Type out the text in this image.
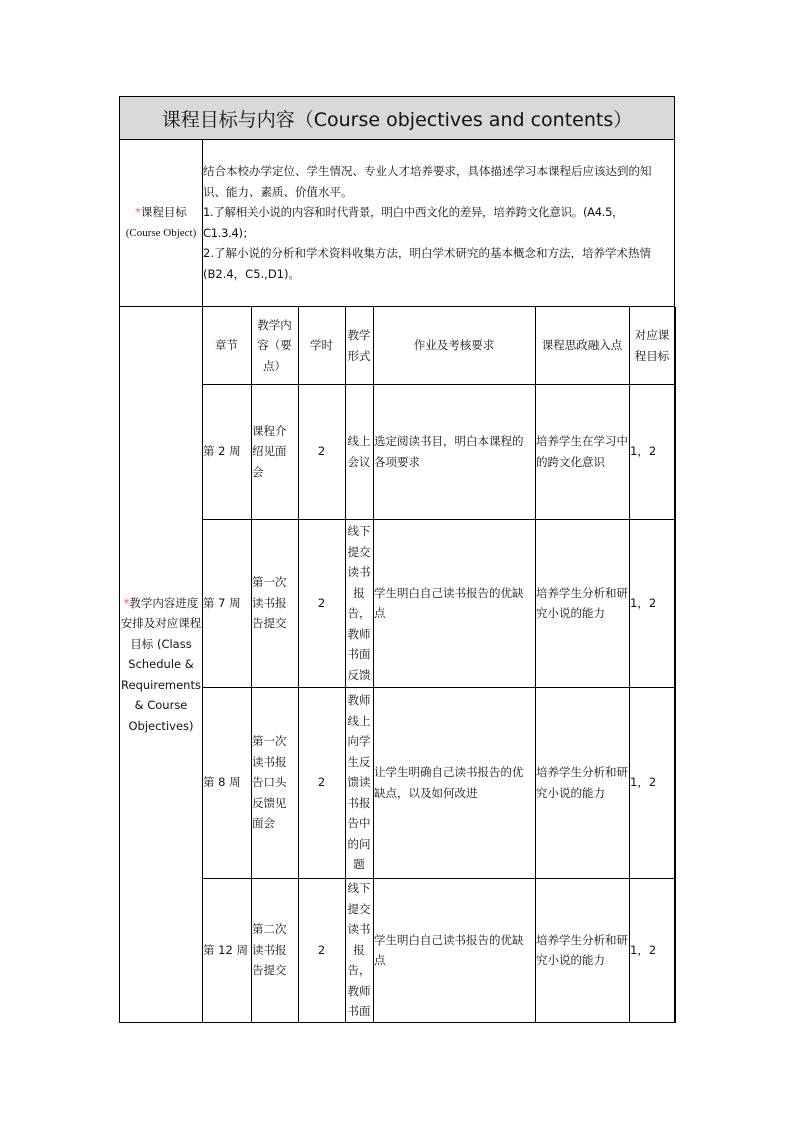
课程目标与内容（Course objectives and contents）
*课程目标
(Course Object)
结合本校办学定位、学生情况、专业人才培养要求，具体描述学习本课程后应该达到的知识、能力、素质、价值水平。
1.了解相关小说的内容和时代背景，明白中西文化的差异，培养跨文化意识。(A4.5，C1.3.4)；
2.了解小说的分析和学术资料收集方法，明白学术研究的基本概念和方法，培养学术热情(B2.4，C5.,D1)。
*教学内容进度安排及对应课程目标 (Class Schedule & Requirements & Course Objectives)
章节
教学内容（要点）
学时
教学形式
作业及考核要求	课程思政融入点
对应课程目标
第 2 周
课程介绍见面会
2
线上会议
选定阅读书目，明白本课程的各项要求
培养学生在学习中的跨文化意识
1，2
第 7 周
第一次读书报告提交
2
线下提交读书报告，教师书面反馈
学生明白自己读书报告的优缺点
培养学生分析和研究小说的能力
1，2
第 8 周
第一次读书报告口头反馈见面会
2
教师线上向学生反馈读书报告中的问题
让学生明确自己读书报告的优缺点，以及如何改进
培养学生分析和研究小说的能力
1，2
第 12 周
第二次读书报告提交
2
线下提交读书报告，教师书面
学生明白自己读书报告的优缺点
培养学生分析和研究小说的能力
1，2
